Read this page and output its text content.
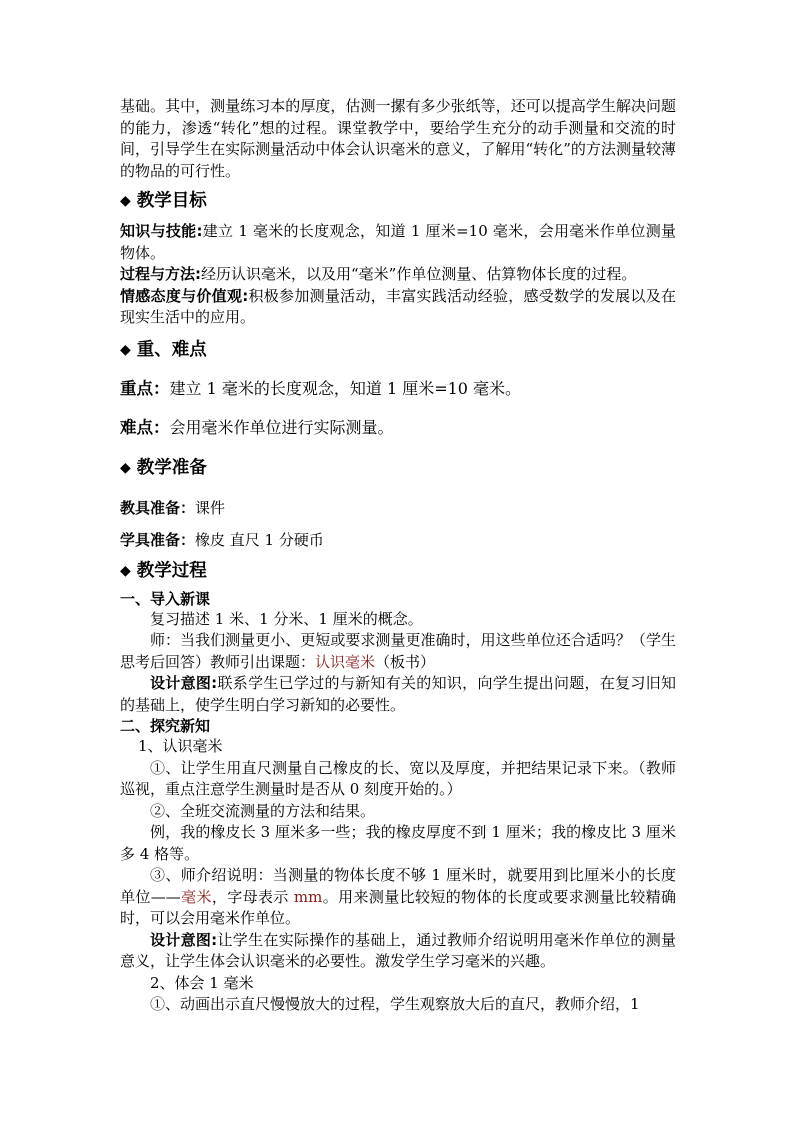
基础。其中，测量练习本的厚度，估测一摞有多少张纸等，还可以提高学生解决问题的能力，渗透“转化”想的过程。课堂教学中，要给学生充分的动手测量和交流的时间，引导学生在实际测量活动中体会认识毫米的意义，了解用“转化”的方法测量较薄的物品的可行性。

◆ 教学目标

知识与技能:建立 1 毫米的长度观念，知道 1 厘米=10 毫米，会用毫米作单位测量物体。

过程与方法:经历认识毫米，以及用“毫米”作单位测量、估算物体长度的过程。

情感态度与价值观:积极参加测量活动，丰富实践活动经验，感受数学的发展以及在现实生活中的应用。

◆ 重、难点

重点：建立 1 毫米的长度观念，知道 1 厘米=10 毫米。

难点：会用毫米作单位进行实际测量。

◆ 教学准备

教具准备：课件

学具准备：橡皮 直尺 1 分硬币

◆ 教学过程

一、导入新课

复习描述 1 米、1 分米、1 厘米的概念。

师：当我们测量更小、更短或要求测量更准确时，用这些单位还合适吗？（学生思考后回答）教师引出课题：认识毫米（板书）

设计意图:联系学生已学过的与新知有关的知识，向学生提出问题，在复习旧知的基础上，使学生明白学习新知的必要性。

二、探究新知

1、认识毫米

①、让学生用直尺测量自己橡皮的长、宽以及厚度，并把结果记录下来。（教师巡视，重点注意学生测量时是否从 0 刻度开始的。）

②、全班交流测量的方法和结果。

例，我的橡皮长 3 厘米多一些；我的橡皮厚度不到 1 厘米；我的橡皮比 3 厘米多 4 格等。

③、师介绍说明：当测量的物体长度不够 1 厘米时，就要用到比厘米小的长度单位——毫米，字母表示 mm。用来测量比较短的物体的长度或要求测量比较精确时，可以会用毫米作单位。

设计意图:让学生在实际操作的基础上，通过教师介绍说明用毫米作单位的测量意义，让学生体会认识毫米的必要性。激发学生学习毫米的兴趣。

2、体会 1 毫米

①、动画出示直尺慢慢放大的过程，学生观察放大后的直尺，教师介绍，1
